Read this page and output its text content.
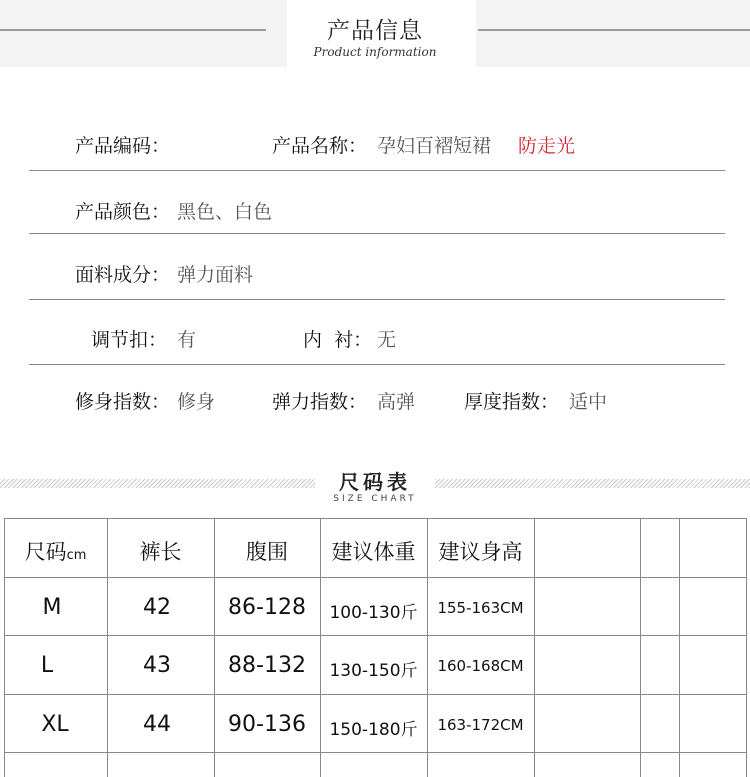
产品信息
Product information
产品编码：	产品名称： 孕妇百褶短裙 防走光
产品颜色： 黑色、白色
面料成分： 弹力面料
调节扣： 有	内  衬： 无
修身指数： 修身	弹力指数： 高弹	厚度指数： 适中
尺码表
SIZE CHART
尺码cm	裤长	腹围	建议体重	建议身高
M	42	86-128	100-130斤	155-163CM
L	43	88-132	130-150斤	160-168CM
XL	44	90-136	150-180斤	163-172CM
